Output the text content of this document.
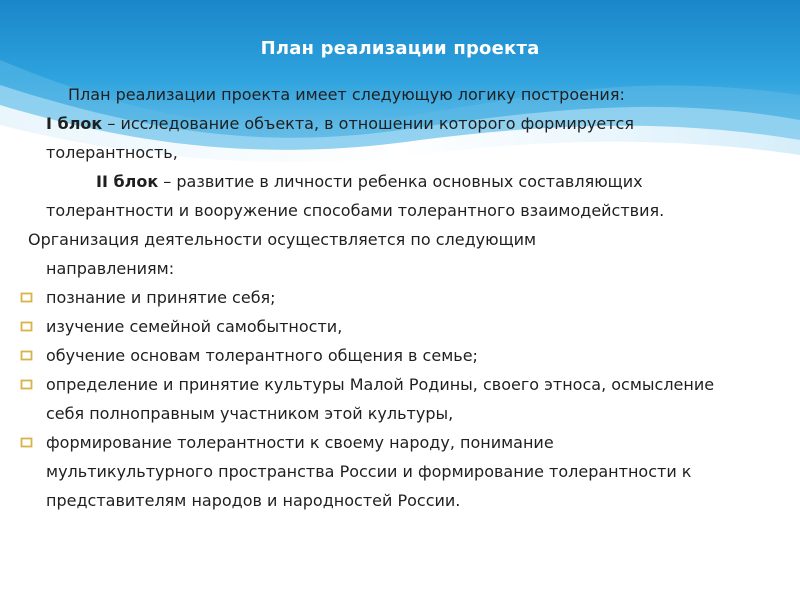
План реализации проекта

План реализации проекта имеет следующую логику построения:

I блок – исследование объекта, в отношении которого формируется толерантность,

II блок – развитие в личности ребенка основных составляющих толерантности и вооружение способами толерантного взаимодействия.

Организация деятельности осуществляется по следующим

направлениям:

познание и принятие себя;
изучение семейной самобытности,
обучение основам толерантного общения в семье;
определение и принятие культуры Малой Родины, своего этноса, осмысление себя полноправным участником этой культуры,
формирование толерантности к своему народу, понимание мультикультурного пространства России и формирование толерантности к представителям народов и народностей России.
